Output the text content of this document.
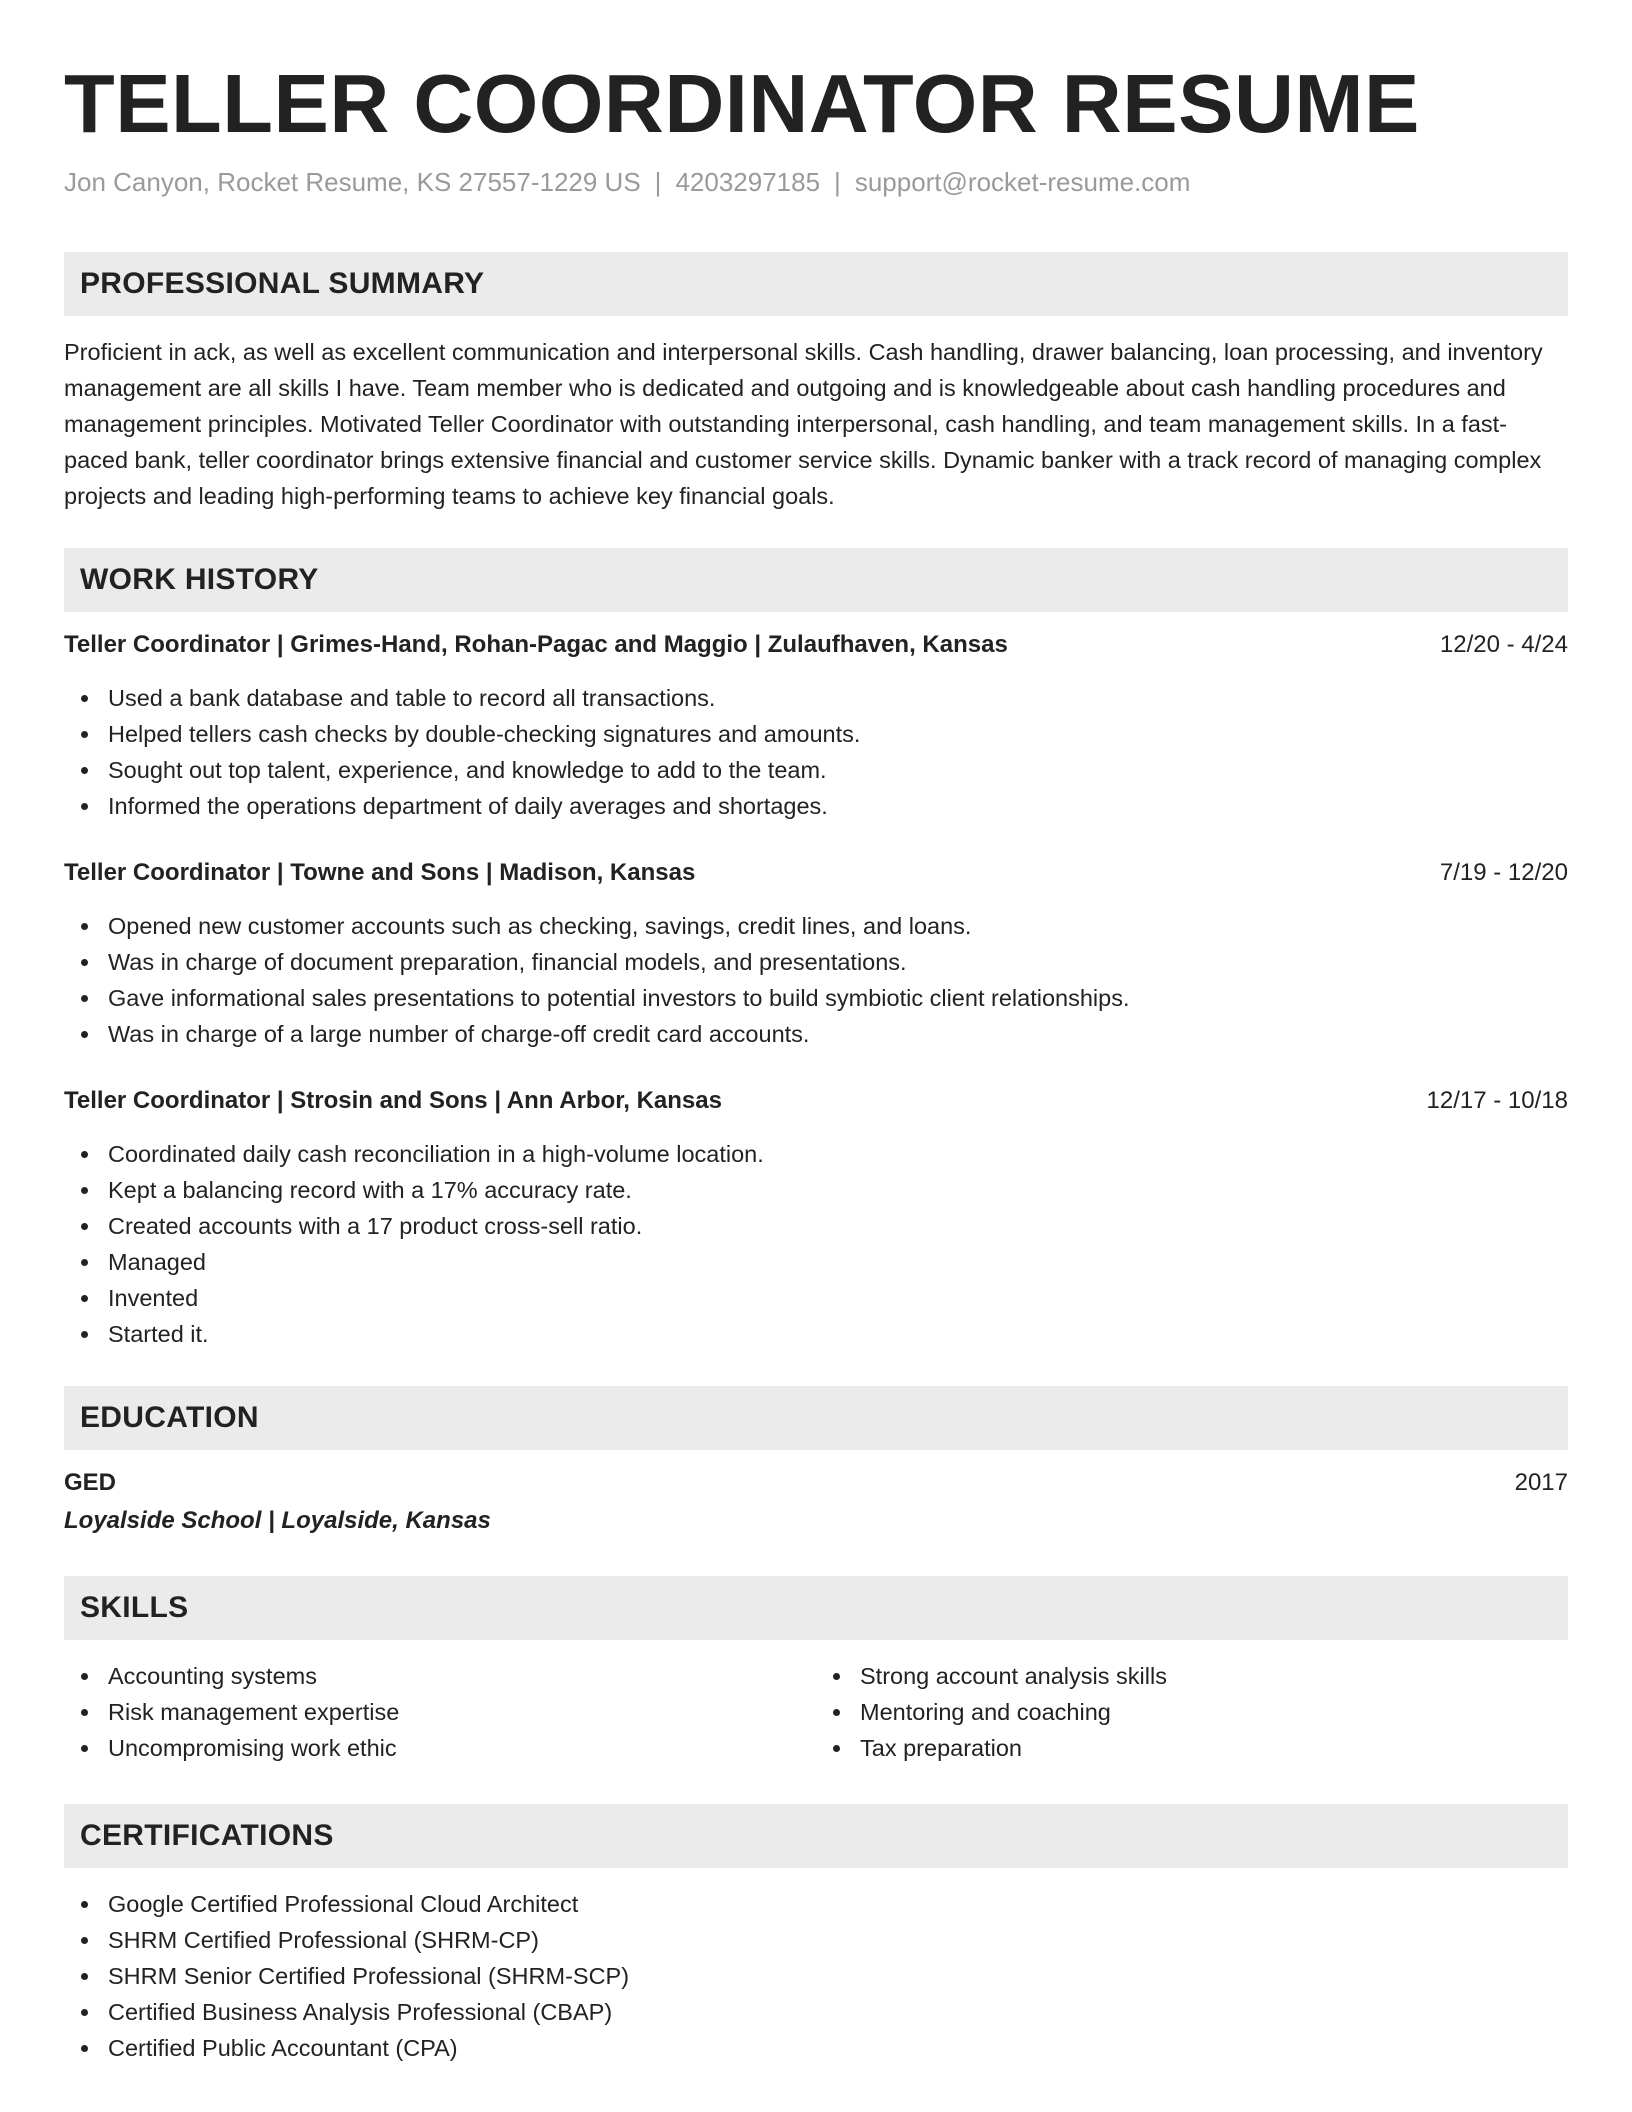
TELLER COORDINATOR RESUME
Jon Canyon, Rocket Resume, KS 27557-1229 US | 4203297185 | support@rocket-resume.com
PROFESSIONAL SUMMARY

Proficient in ack, as well as excellent communication and interpersonal skills. Cash handling, drawer balancing, loan processing, and inventory management are all skills I have. Team member who is dedicated and outgoing and is knowledgeable about cash handling procedures and management principles. Motivated Teller Coordinator with outstanding interpersonal, cash handling, and team management skills. In a fast-paced bank, teller coordinator brings extensive financial and customer service skills. Dynamic banker with a track record of managing complex projects and leading high-performing teams to achieve key financial goals.

WORK HISTORY
Teller Coordinator | Grimes-Hand, Rohan-Pagac and Maggio | Zulaufhaven, Kansas	12/20 - 4/24
Used a bank database and table to record all transactions.
Helped tellers cash checks by double-checking signatures and amounts.
Sought out top talent, experience, and knowledge to add to the team.
Informed the operations department of daily averages and shortages.
Teller Coordinator | Towne and Sons | Madison, Kansas	7/19 - 12/20
Opened new customer accounts such as checking, savings, credit lines, and loans.
Was in charge of document preparation, financial models, and presentations.
Gave informational sales presentations to potential investors to build symbiotic client relationships.
Was in charge of a large number of charge-off credit card accounts.
Teller Coordinator | Strosin and Sons | Ann Arbor, Kansas	12/17 - 10/18
Coordinated daily cash reconciliation in a high-volume location.
Kept a balancing record with a 17% accuracy rate.
Created accounts with a 17 product cross-sell ratio.
Managed
Invented
Started it.
EDUCATION
GED	2017
Loyalside School | Loyalside, Kansas
SKILLS
Accounting systems
Risk management expertise
Uncompromising work ethic
Strong account analysis skills
Mentoring and coaching
Tax preparation
CERTIFICATIONS
Google Certified Professional Cloud Architect
SHRM Certified Professional (SHRM-CP)
SHRM Senior Certified Professional (SHRM-SCP)
Certified Business Analysis Professional (CBAP)
Certified Public Accountant (CPA)
